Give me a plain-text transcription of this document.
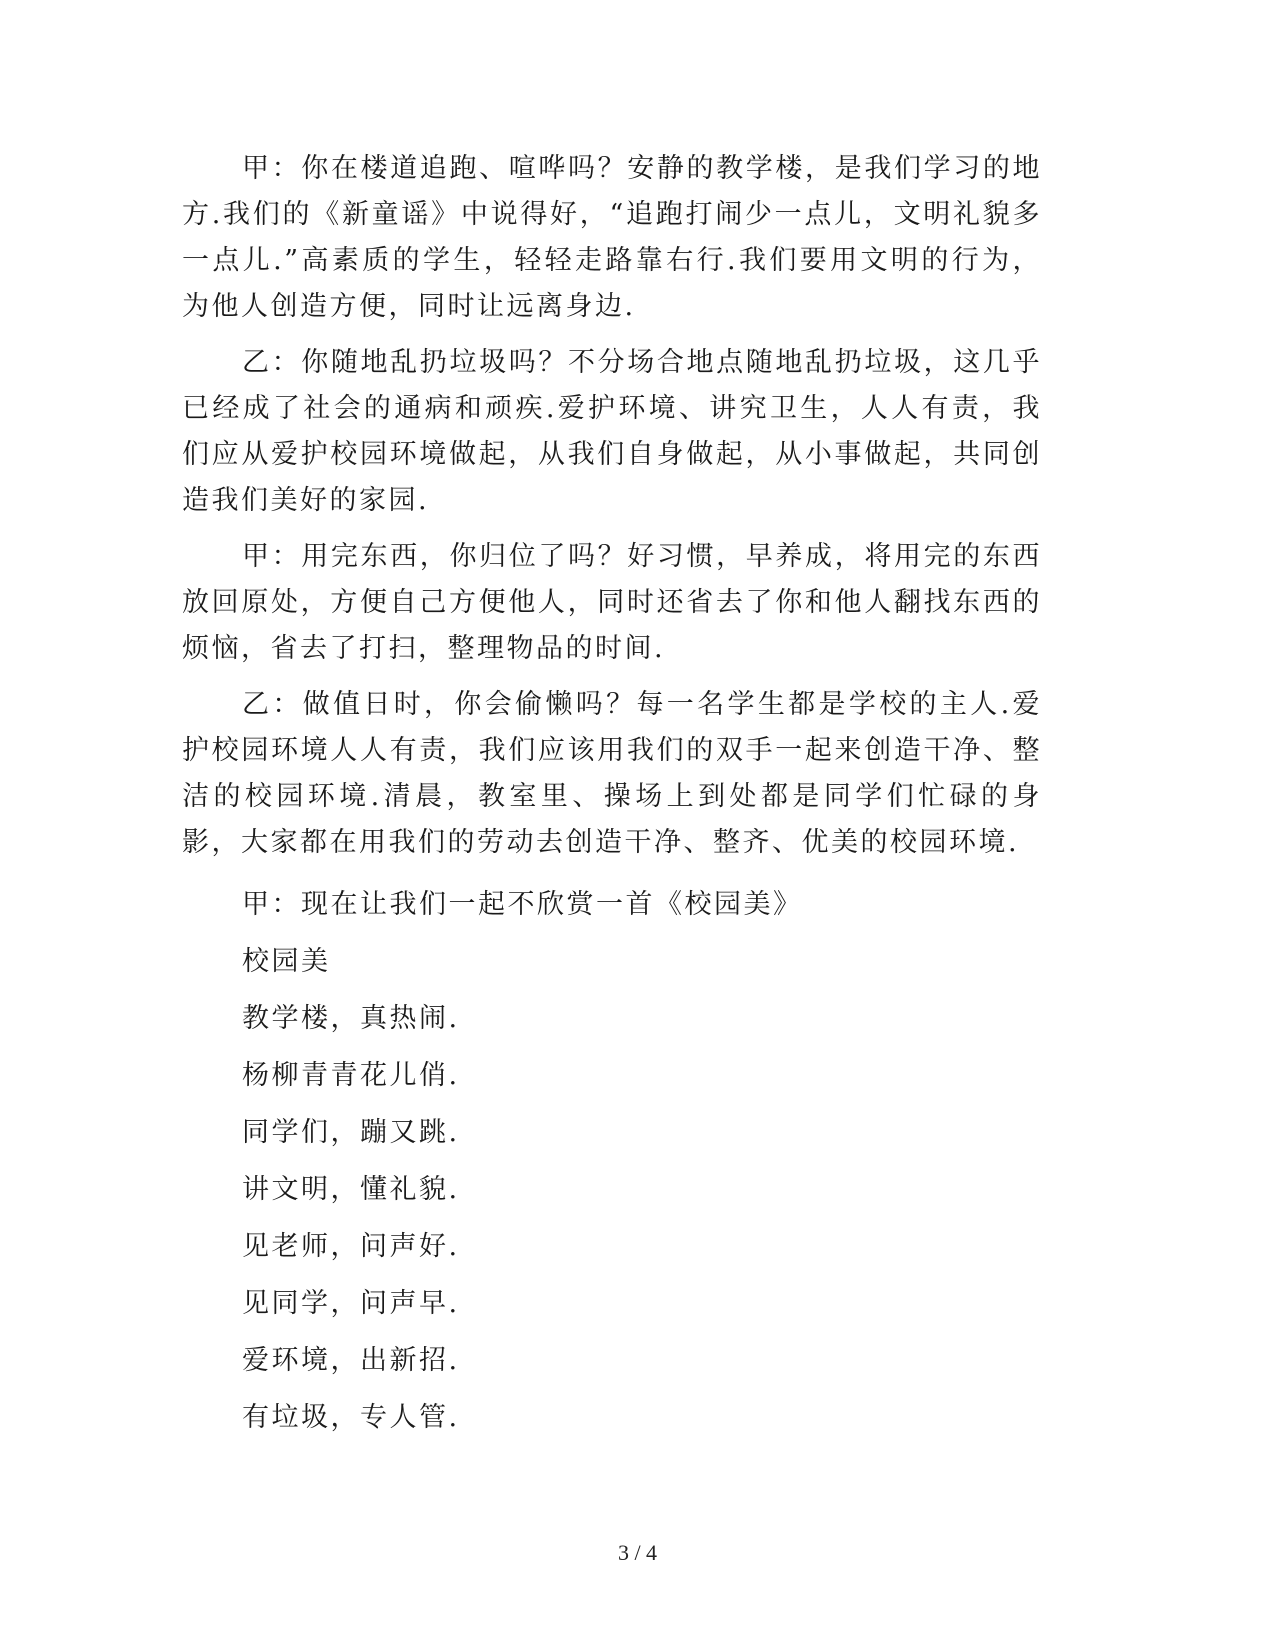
甲：你在楼道追跑、喧哗吗？安静的教学楼，是我们学习的地方.我们的《新童谣》中说得好，“追跑打闹少一点儿，文明礼貌多一点儿.”高素质的学生，轻轻走路靠右行.我们要用文明的行为，为他人创造方便，同时让远离身边.

乙：你随地乱扔垃圾吗？不分场合地点随地乱扔垃圾，这几乎已经成了社会的通病和顽疾.爱护环境、讲究卫生，人人有责，我们应从爱护校园环境做起，从我们自身做起，从小事做起，共同创造我们美好的家园.

甲：用完东西，你归位了吗？好习惯，早养成，将用完的东西放回原处，方便自己方便他人，同时还省去了你和他人翻找东西的烦恼，省去了打扫，整理物品的时间.

乙：做值日时，你会偷懒吗？每一名学生都是学校的主人.爱护校园环境人人有责，我们应该用我们的双手一起来创造干净、整洁的校园环境.清晨，教室里、操场上到处都是同学们忙碌的身影，大家都在用我们的劳动去创造干净、整齐、优美的校园环境.

甲：现在让我们一起不欣赏一首《校园美》

校园美

教学楼，真热闹.

杨柳青青花儿俏.

同学们，蹦又跳.

讲文明，懂礼貌.

见老师，问声好.

见同学，问声早.

爱环境，出新招.

有垃圾，专人管.

3 / 4
